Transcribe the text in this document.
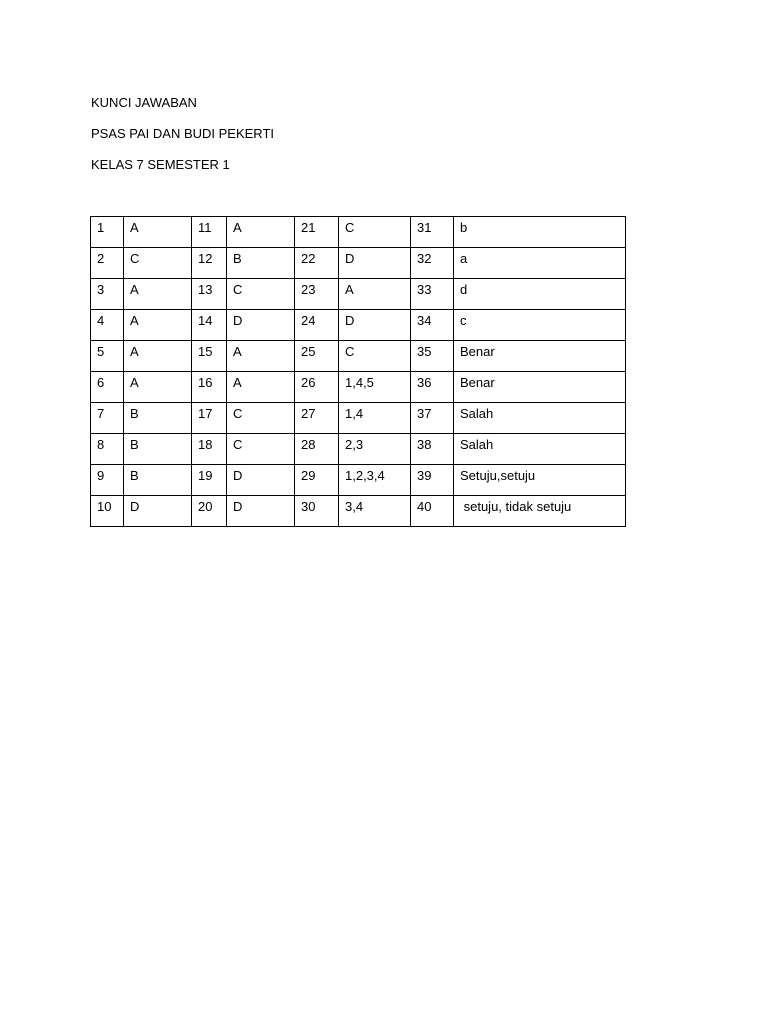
KUNCI JAWABAN
PSAS PAI DAN BUDI PEKERTI
KELAS 7 SEMESTER 1
1	A	11	A	21	C	31	b
2	C	12	B	22	D	32	a
3	A	13	C	23	A	33	d
4	A	14	D	24	D	34	c
5	A	15	A	25	C	35	Benar
6	A	16	A	26	1,4,5	36	Benar
7	B	17	C	27	1,4	37	Salah
8	B	18	C	28	2,3	38	Salah
9	B	19	D	29	1,2,3,4	39	Setuju,setuju
10	D	20	D	30	3,4	40	setuju, tidak setuju
